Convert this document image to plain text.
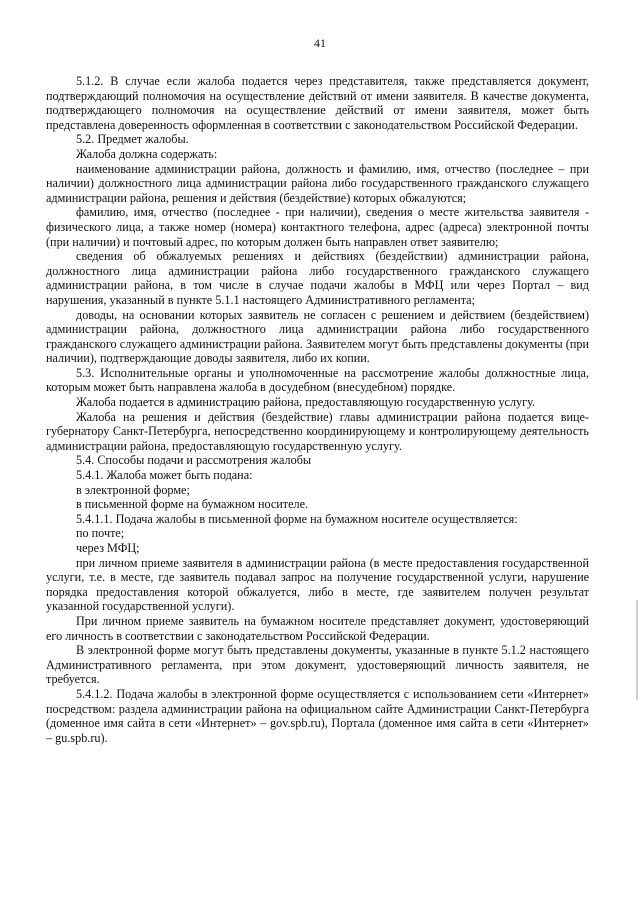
41

5.1.2. В случае если жалоба подается через представителя, также представляется документ, подтверждающий полномочия на осуществление действий от имени заявителя. В качестве документа, подтверждающего полномочия на осуществление действий от имени заявителя, может быть представлена доверенность оформленная в соответствии с законодательством Российской Федерации.

5.2. Предмет жалобы.

Жалоба должна содержать:

наименование администрации района, должность и фамилию, имя, отчество (последнее – при наличии) должностного лица администрации района либо государственного гражданского служащего администрации района, решения и действия (бездействие) которых обжалуются;

фамилию, имя, отчество (последнее - при наличии), сведения о месте жительства заявителя - физического лица, а также номер (номера) контактного телефона, адрес (адреса) электронной почты (при наличии) и почтовый адрес, по которым должен быть направлен ответ заявителю;

сведения об обжалуемых решениях и действиях (бездействии) администрации района, должностного лица администрации района либо государственного гражданского служащего администрации района, в том числе в случае подачи жалобы в МФЦ или через Портал – вид нарушения, указанный в пункте 5.1.1 настоящего Административного регламента;

доводы, на основании которых заявитель не согласен с решением и действием (бездействием) администрации района, должностного лица администрации района либо государственного гражданского служащего администрации района. Заявителем могут быть представлены документы (при наличии), подтверждающие доводы заявителя, либо их копии.

5.3. Исполнительные органы и уполномоченные на рассмотрение жалобы должностные лица, которым может быть направлена жалоба в досудебном (внесудебном) порядке.

Жалоба подается в администрацию района, предоставляющую государственную услугу.

Жалоба на решения и действия (бездействие) главы администрации района подается вице-губернатору Санкт-Петербурга, непосредственно координирующему и контролирующему деятельность администрации района, предоставляющую государственную услугу.

5.4. Способы подачи и рассмотрения жалобы

5.4.1. Жалоба может быть подана:

в электронной форме;

в письменной форме на бумажном носителе.

5.4.1.1. Подача жалобы в письменной форме на бумажном носителе осуществляется:

по почте;

через МФЦ;

при личном приеме заявителя в администрации района (в месте предоставления государственной услуги, т.е. в месте, где заявитель подавал запрос на получение государственной услуги, нарушение порядка предоставления которой обжалуется, либо в месте, где заявителем получен результат указанной государственной услуги).

При личном приеме заявитель на бумажном носителе представляет документ, удостоверяющий его личность в соответствии с законодательством Российской Федерации.

В электронной форме могут быть представлены документы, указанные в пункте 5.1.2 настоящего Административного регламента, при этом документ, удостоверяющий личность заявителя, не требуется.

5.4.1.2. Подача жалобы в электронной форме осуществляется с использованием сети «Интернет» посредством: раздела администрации района на официальном сайте Администрации Санкт-Петербурга (доменное имя сайта в сети «Интернет» – gov.spb.ru), Портала (доменное имя сайта в сети «Интернет» – gu.spb.ru).
